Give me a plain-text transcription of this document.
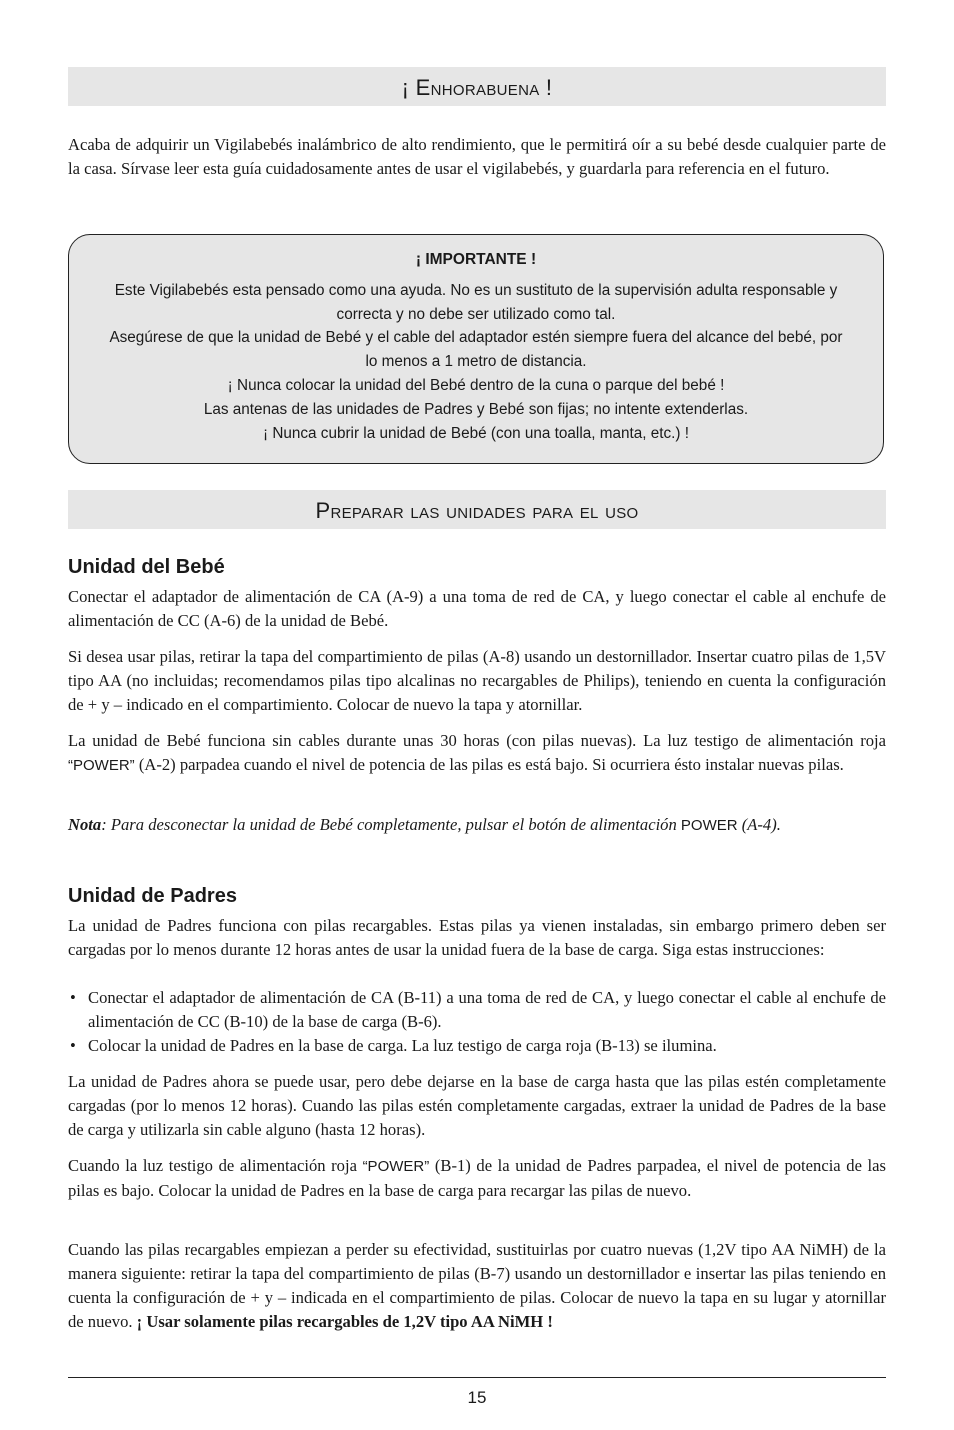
¡ Enhorabuena !

Acaba de adquirir un Vigilabebés inalámbrico de alto rendimiento, que le permitirá oír a su bebé desde cualquier parte de la casa. Sírvase leer esta guía cuidadosamente antes de usar el vigilabebés, y guardarla para referencia en el futuro.

¡ IMPORTANTE !
Este Vigilabebés esta pensado como una ayuda. No es un sustituto de la supervisión adulta responsable y
correcta y no debe ser utilizado como tal.
Asegúrese de que la unidad de Bebé y el cable del adaptador estén siempre fuera del alcance del bebé, por
lo menos a 1 metro de distancia.
¡ Nunca colocar la unidad del Bebé dentro de la cuna o parque del bebé !
Las antenas de las unidades de Padres y Bebé son fijas; no intente extenderlas.
¡ Nunca cubrir la unidad de Bebé (con una toalla, manta, etc.) !
Preparar las unidades para el uso
Unidad del Bebé

Conectar el adaptador de alimentación de CA (A-9) a una toma de red de CA, y luego conectar el cable al enchufe de alimentación de CC (A-6) de la unidad de Bebé.

Si desea usar pilas, retirar la tapa del compartimiento de pilas (A-8) usando un destornillador. Insertar cuatro pilas de 1,5V tipo AA (no incluidas; recomendamos pilas tipo alcalinas no recargables de Philips), teniendo en cuenta la configuración de + y – indicado en el compartimiento. Colocar de nuevo la tapa y atornillar.

La unidad de Bebé funciona sin cables durante unas 30 horas (con pilas nuevas). La luz testigo de alimentación roja “POWER” (A-2) parpadea cuando el nivel de potencia de las pilas es está bajo. Si ocurriera ésto instalar nuevas pilas.

Nota: Para desconectar la unidad de Bebé completamente, pulsar el botón de alimentación POWER (A-4).

Unidad de Padres

La unidad de Padres funciona con pilas recargables. Estas pilas ya vienen instaladas, sin embargo primero deben ser cargadas por lo menos durante 12 horas antes de usar la unidad fuera de la base de carga. Siga estas instrucciones:

• Conectar el adaptador de alimentación de CA (B-11) a una toma de red de CA, y luego conectar el cable al enchufe de alimentación de CC (B-10) de la base de carga (B-6).
• Colocar la unidad de Padres en la base de carga. La luz testigo de carga roja (B-13) se ilumina.

La unidad de Padres ahora se puede usar, pero debe dejarse en la base de carga hasta que las pilas estén completamente cargadas (por lo menos 12 horas). Cuando las pilas estén completamente cargadas, extraer la unidad de Padres de la base de carga y utilizarla sin cable alguno (hasta 12 horas).

Cuando la luz testigo de alimentación roja “POWER” (B-1) de la unidad de Padres parpadea, el nivel de potencia de las pilas es bajo. Colocar la unidad de Padres en la base de carga para recargar las pilas de nuevo.

Cuando las pilas recargables empiezan a perder su efectividad, sustituirlas por cuatro nuevas (1,2V tipo AA NiMH) de la manera siguiente: retirar la tapa del compartimiento de pilas (B-7) usando un destornillador e insertar las pilas teniendo en cuenta la configuración de + y – indicada en el compartimiento de pilas. Colocar de nuevo la tapa en su lugar y atornillar de nuevo. ¡ Usar solamente pilas recargables de 1,2V tipo AA NiMH !

15
